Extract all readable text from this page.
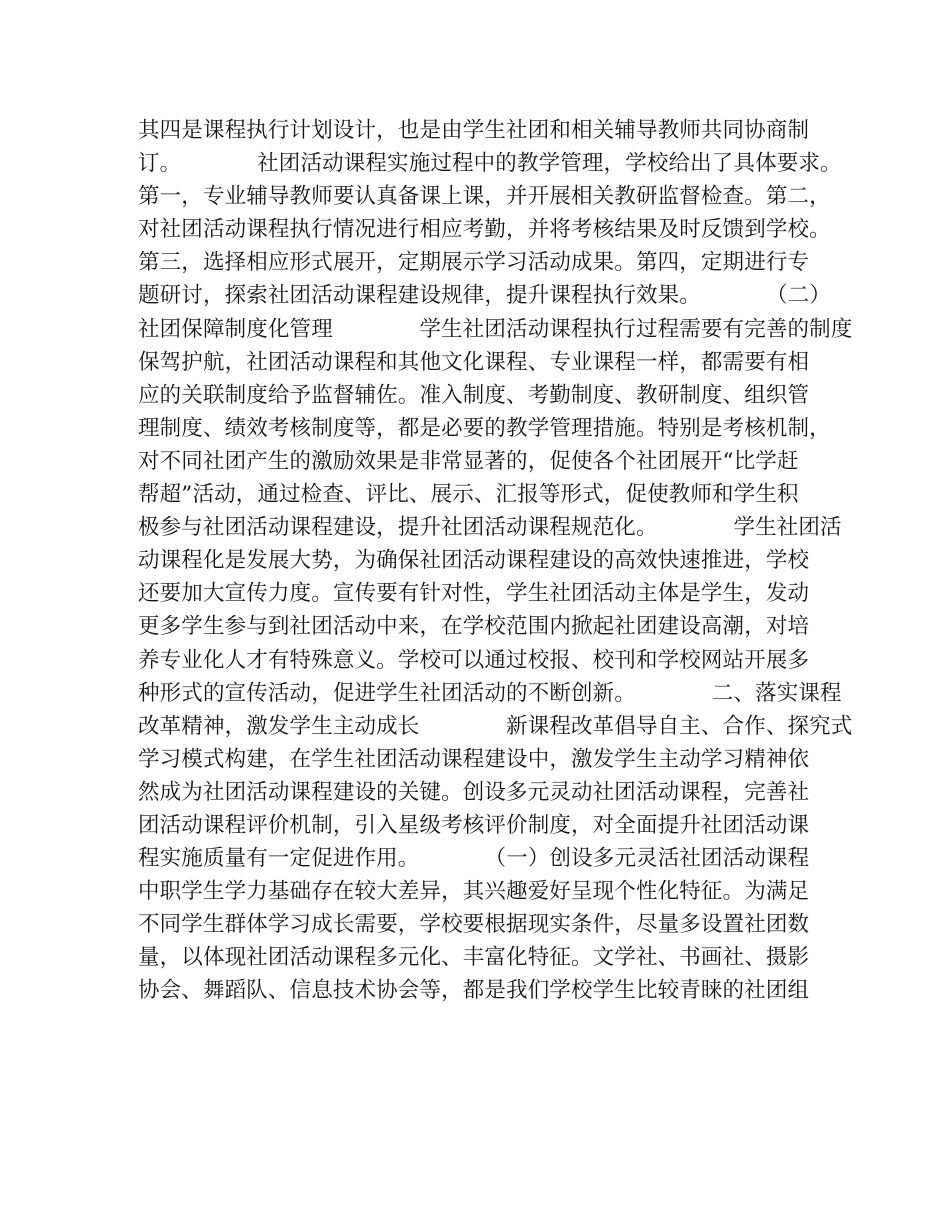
其四是课程执行计划设计，也是由学生社团和相关辅导教师共同协商制
订。　　　　社团活动课程实施过程中的教学管理，学校给出了具体要求。
第一，专业辅导教师要认真备课上课，并开展相关教研监督检查。第二，
对社团活动课程执行情况进行相应考勤，并将考核结果及时反馈到学校。
第三，选择相应形式展开，定期展示学习活动成果。第四，定期进行专
题研讨，探索社团活动课程建设规律，提升课程执行效果。　　　　（二）
社团保障制度化管理　　　　学生社团活动课程执行过程需要有完善的制度
保驾护航，社团活动课程和其他文化课程、专业课程一样，都需要有相
应的关联制度给予监督辅佐。准入制度、考勤制度、教研制度、组织管
理制度、绩效考核制度等，都是必要的教学管理措施。特别是考核机制，
对不同社团产生的激励效果是非常显著的，促使各个社团展开“比学赶
帮超”活动，通过检查、评比、展示、汇报等形式，促使教师和学生积
极参与社团活动课程建设，提升社团活动课程规范化。　　　　学生社团活
动课程化是发展大势，为确保社团活动课程建设的高效快速推进，学校
还要加大宣传力度。宣传要有针对性，学生社团活动主体是学生，发动
更多学生参与到社团活动中来，在学校范围内掀起社团建设高潮，对培
养专业化人才有特殊意义。学校可以通过校报、校刊和学校网站开展多
种形式的宣传活动，促进学生社团活动的不断创新。　　　　二、落实课程
改革精神，激发学生主动成长　　　　新课程改革倡导自主、合作、探究式
学习模式构建，在学生社团活动课程建设中，激发学生主动学习精神依
然成为社团活动课程建设的关键。创设多元灵动社团活动课程，完善社
团活动课程评价机制，引入星级考核评价制度，对全面提升社团活动课
程实施质量有一定促进作用。　　　　（一）创设多元灵活社团活动课程
中职学生学力基础存在较大差异，其兴趣爱好呈现个性化特征。为满足
不同学生群体学习成长需要，学校要根据现实条件，尽量多设置社团数
量，以体现社团活动课程多元化、丰富化特征。文学社、书画社、摄影
协会、舞蹈队、信息技术协会等，都是我们学校学生比较青睐的社团组
